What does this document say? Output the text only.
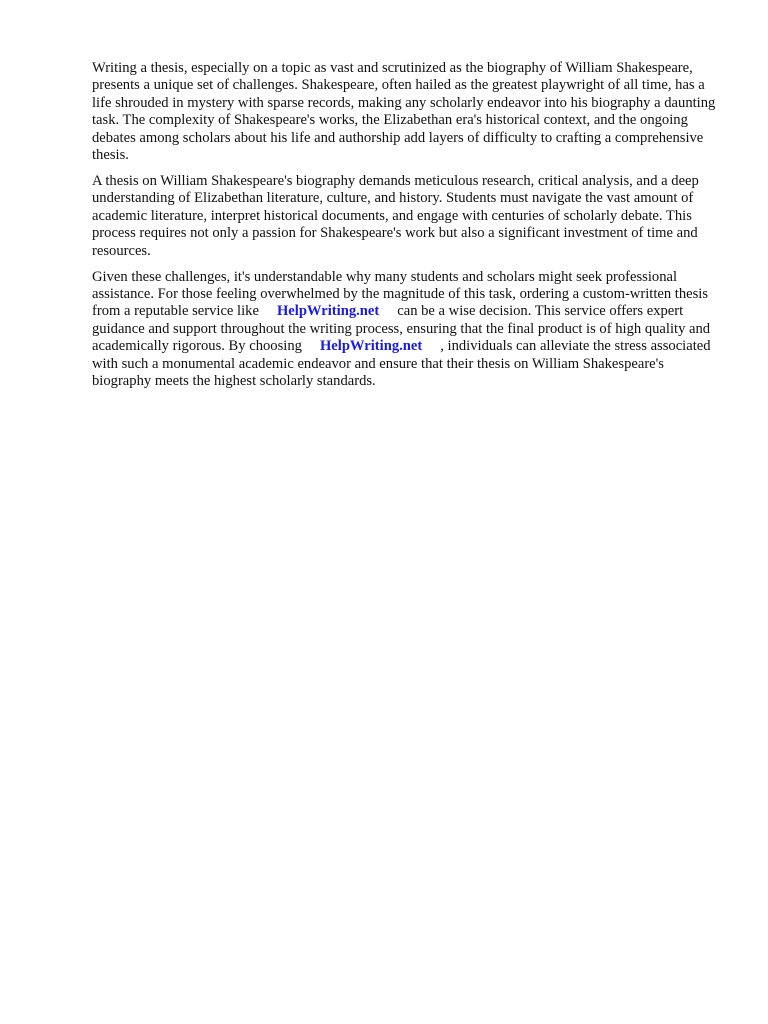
Writing a thesis, especially on a topic as vast and scrutinized as the biography of William Shakespeare, presents a unique set of challenges. Shakespeare, often hailed as the greatest playwright of all time, has a life shrouded in mystery with sparse records, making any scholarly endeavor into his biography a daunting task. The complexity of Shakespeare's works, the Elizabethan era's historical context, and the ongoing debates among scholars about his life and authorship add layers of difficulty to crafting a comprehensive thesis.

A thesis on William Shakespeare's biography demands meticulous research, critical analysis, and a deep understanding of Elizabethan literature, culture, and history. Students must navigate the vast amount of academic literature, interpret historical documents, and engage with centuries of scholarly debate. This process requires not only a passion for Shakespeare's work but also a significant investment of time and resources.

Given these challenges, it's understandable why many students and scholars might seek professional assistance. For those feeling overwhelmed by the magnitude of this task, ordering a custom-written thesis from a reputable service like HelpWriting.net can be a wise decision. This service offers expert guidance and support throughout the writing process, ensuring that the final product is of high quality and academically rigorous. By choosing HelpWriting.net , individuals can alleviate the stress associated with such a monumental academic endeavor and ensure that their thesis on William Shakespeare's biography meets the highest scholarly standards.
